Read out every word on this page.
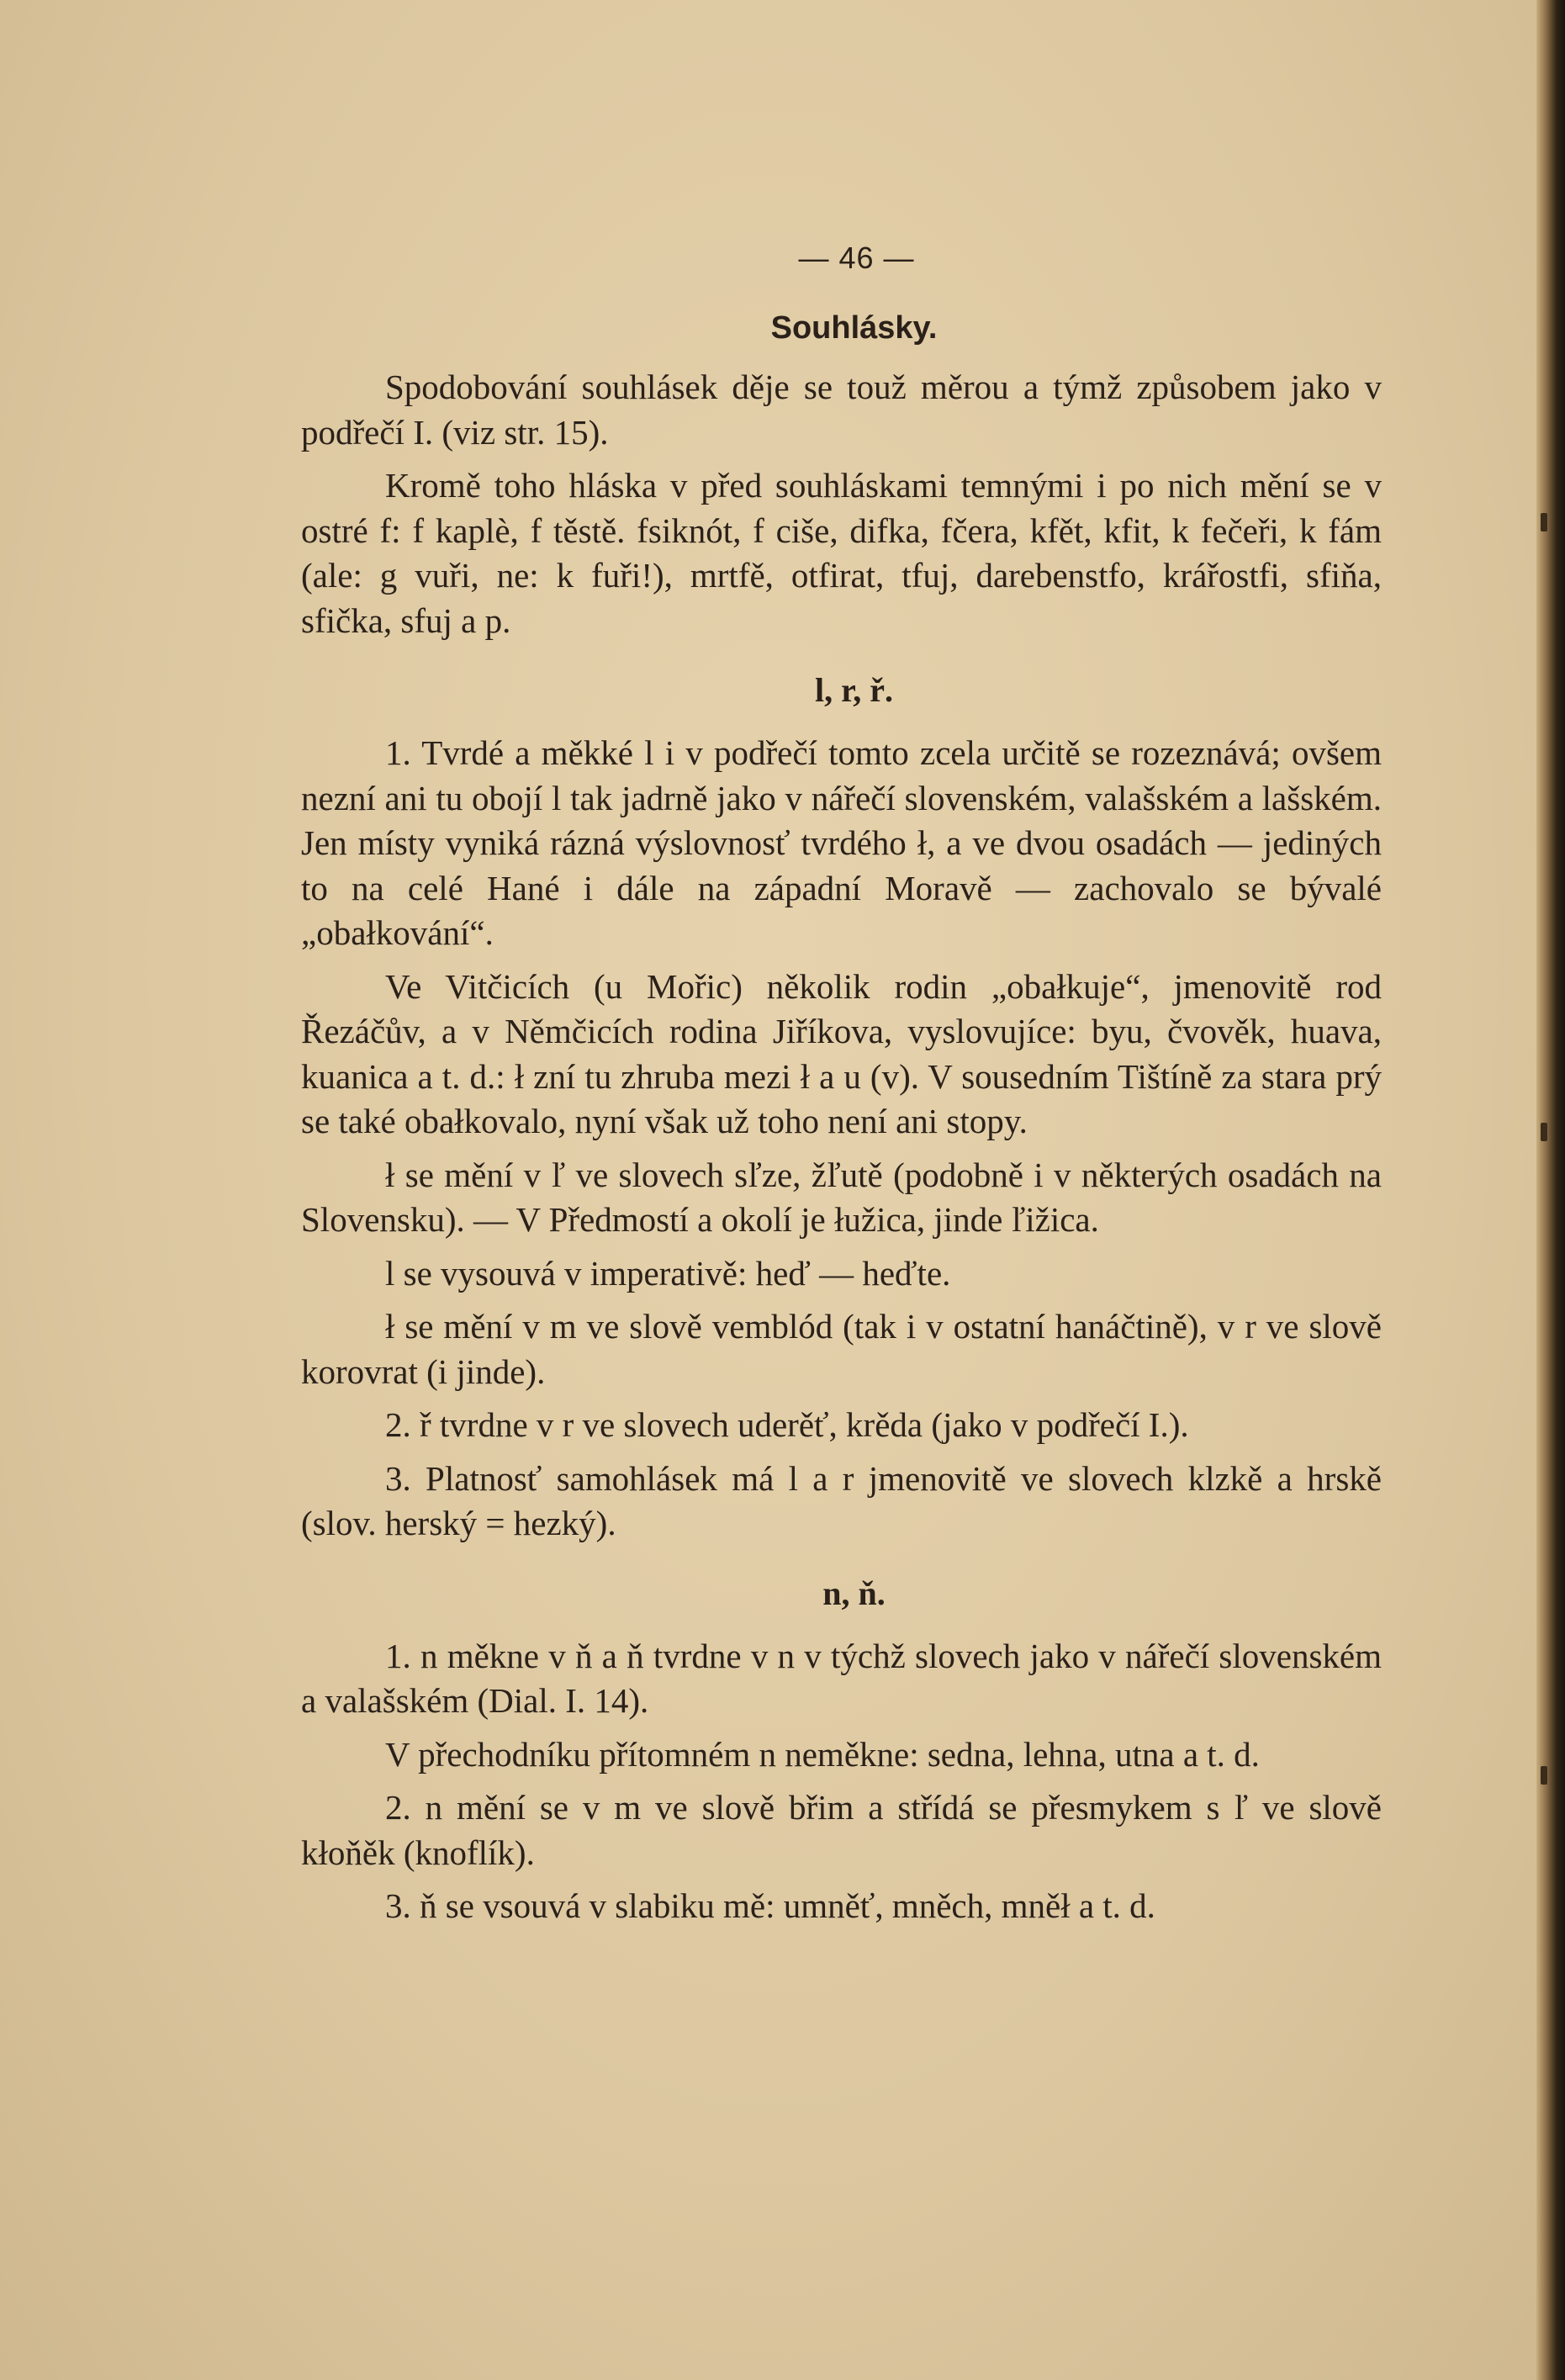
— 46 —
Souhlásky.

Spodobování souhlásek děje se touž měrou a týmž způsobem jako v podřečí I. (viz str. 15).

Kromě toho hláska v před souhláskami temnými i po nich mění se v ostré f: f kaplè, f těstě. fsiknót, f ciše, difka, fčera, kfět, kfit, k fečeři, k fám (ale: g vuři, ne: k fuři!), mrtfě, otfirat, tfuj, darebenstfo, krářostfi, sfiňa, sfička, sfuj a p.

l, r, ř.

1. Tvrdé a měkké l i v podřečí tomto zcela určitě se rozeznává; ovšem nezní ani tu obojí l tak jadrně jako v nářečí slovenském, valašském a lašském. Jen místy vyniká rázná výslovnosť tvrdého ł, a ve dvou osadách — jediných to na celé Hané i dále na západní Moravě — zachovalo se bývalé „obałkování“.

Ve Vitčicích (u Mořic) několik rodin „obałkuje“, jmenovitě rod Řezáčův, a v Němčicích rodina Jiříkova, vyslovujíce: byu, čvověk, huava, kuanica a t. d.: ł zní tu zhruba mezi ł a u (v). V sousedním Tištíně za stara prý se také obałkovalo, nyní však už toho není ani stopy.

ł se mění v ľ ve slovech sľze, žľutě (podobně i v některých osadách na Slovensku). — V Předmostí a okolí je łužica, jinde ľižica.

l se vysouvá v imperativě: heď — heďte.

ł se mění v m ve slově vemblód (tak i v ostatní hanáčtině), v r ve slově korovrat (i jinde).

2. ř tvrdne v r ve slovech uderěť, krěda (jako v podřečí I.).

3. Platnosť samohlásek má l a r jmenovitě ve slovech klzkě a hrskě (slov. herský = hezký).

n, ň.

1. n měkne v ň a ň tvrdne v n v týchž slovech jako v nářečí slovenském a valašském (Dial. I. 14).

V přechodníku přítomném n neměkne: sedna, lehna, utna a t. d.

2. n mění se v m ve slově břim a střídá se přesmykem s ľ ve slově kłoňěk (knoflík).

3. ň se vsouvá v slabiku mě: umněť, mněch, mněł a t. d.
